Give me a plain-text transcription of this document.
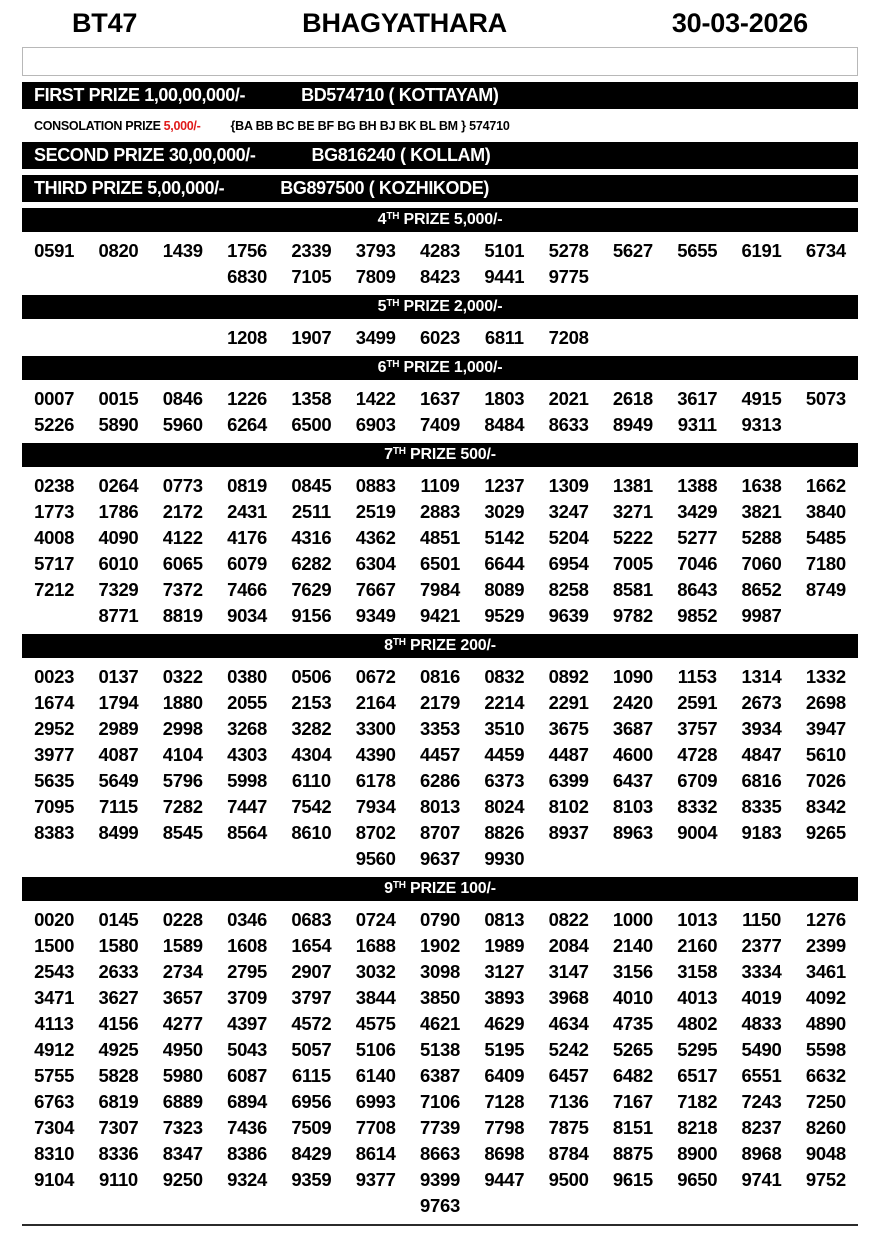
BT47	BHAGYATHARA	30-03-2026
FIRST PRIZE 1,00,00,000/-	BD574710 ( KOTTAYAM)
CONSOLATION PRIZE 5,000/- {BA BB BC BE BF BG BH BJ BK BL BM } 574710
SECOND PRIZE 30,00,000/-	BG816240 ( KOLLAM)
THIRD PRIZE 5,00,000/-	BG897500 ( KOZHIKODE)
4TH PRIZE 5,000/-
0591 0820 1439 1756 2339 3793 4283 5101 5278 5627 5655 6191 6734
6830 7105 7809 8423 9441 9775
5TH PRIZE 2,000/-
1208 1907 3499 6023 6811 7208
6TH PRIZE 1,000/-
0007 0015 0846 1226 1358 1422 1637 1803 2021 2618 3617 4915 5073
5226 5890 5960 6264 6500 6903 7409 8484 8633 8949 9311 9313
7TH PRIZE 500/-
0238 0264 0773 0819 0845 0883 1109 1237 1309 1381 1388 1638 1662
1773 1786 2172 2431 2511 2519 2883 3029 3247 3271 3429 3821 3840
4008 4090 4122 4176 4316 4362 4851 5142 5204 5222 5277 5288 5485
5717 6010 6065 6079 6282 6304 6501 6644 6954 7005 7046 7060 7180
7212 7329 7372 7466 7629 7667 7984 8089 8258 8581 8643 8652 8749
8771 8819 9034 9156 9349 9421 9529 9639 9782 9852 9987
8TH PRIZE 200/-
0023 0137 0322 0380 0506 0672 0816 0832 0892 1090 1153 1314 1332
1674 1794 1880 2055 2153 2164 2179 2214 2291 2420 2591 2673 2698
2952 2989 2998 3268 3282 3300 3353 3510 3675 3687 3757 3934 3947
3977 4087 4104 4303 4304 4390 4457 4459 4487 4600 4728 4847 5610
5635 5649 5796 5998 6110 6178 6286 6373 6399 6437 6709 6816 7026
7095 7115 7282 7447 7542 7934 8013 8024 8102 8103 8332 8335 8342
8383 8499 8545 8564 8610 8702 8707 8826 8937 8963 9004 9183 9265
9560 9637 9930
9TH PRIZE 100/-
0020 0145 0228 0346 0683 0724 0790 0813 0822 1000 1013 1150 1276
1500 1580 1589 1608 1654 1688 1902 1989 2084 2140 2160 2377 2399
2543 2633 2734 2795 2907 3032 3098 3127 3147 3156 3158 3334 3461
3471 3627 3657 3709 3797 3844 3850 3893 3968 4010 4013 4019 4092
4113 4156 4277 4397 4572 4575 4621 4629 4634 4735 4802 4833 4890
4912 4925 4950 5043 5057 5106 5138 5195 5242 5265 5295 5490 5598
5755 5828 5980 6087 6115 6140 6387 6409 6457 6482 6517 6551 6632
6763 6819 6889 6894 6956 6993 7106 7128 7136 7167 7182 7243 7250
7304 7307 7323 7436 7509 7708 7739 7798 7875 8151 8218 8237 8260
8310 8336 8347 8386 8429 8614 8663 8698 8784 8875 8900 8968 9048
9104 9110 9250 9324 9359 9377 9399 9447 9500 9615 9650 9741 9752
9763
